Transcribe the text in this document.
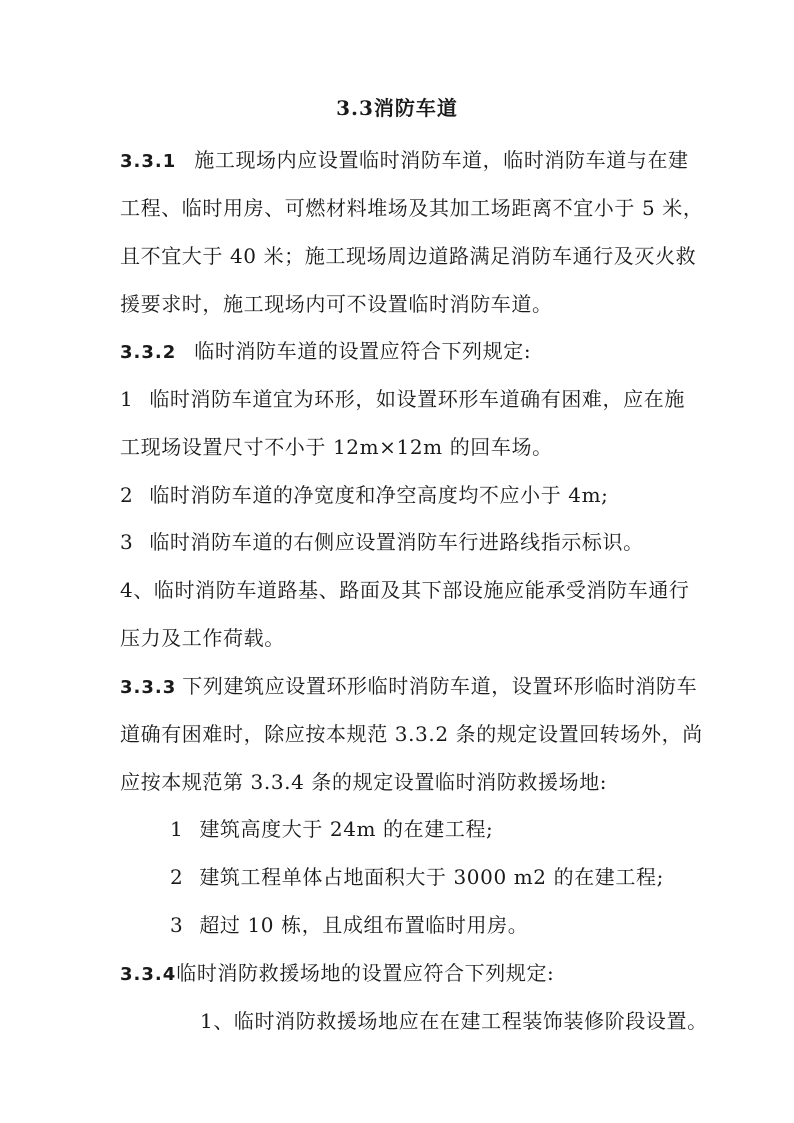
3.3消防车道
3.3.1 施工现场内应设置临时消防车道，临时消防车道与在建
工程、临时用房、可燃材料堆场及其加工场距离不宜小于 5 米，
且不宜大于 40 米；施工现场周边道路满足消防车通行及灭火救
援要求时，施工现场内可不设置临时消防车道。
3.3.2 临时消防车道的设置应符合下列规定:
1 临时消防车道宜为环形，如设置环形车道确有困难，应在施
工现场设置尺寸不小于 12m×12m 的回车场。
2 临时消防车道的净宽度和净空高度均不应小于 4m;
3 临时消防车道的右侧应设置消防车行进路线指示标识。
4、临时消防车道路基、路面及其下部设施应能承受消防车通行
压力及工作荷载。
3.3.3 下列建筑应设置环形临时消防车道，设置环形临时消防车
道确有困难时，除应按本规范 3.3.2 条的规定设置回转场外，尚
应按本规范第 3.3.4 条的规定设置临时消防救援场地:
1 建筑高度大于 24m 的在建工程;
2 建筑工程单体占地面积大于 3000 m2 的在建工程;
3 超过 10 栋，且成组布置临时用房。
3.3.4临时消防救援场地的设置应符合下列规定:
1、临时消防救援场地应在在建工程装饰装修阶段设置。
